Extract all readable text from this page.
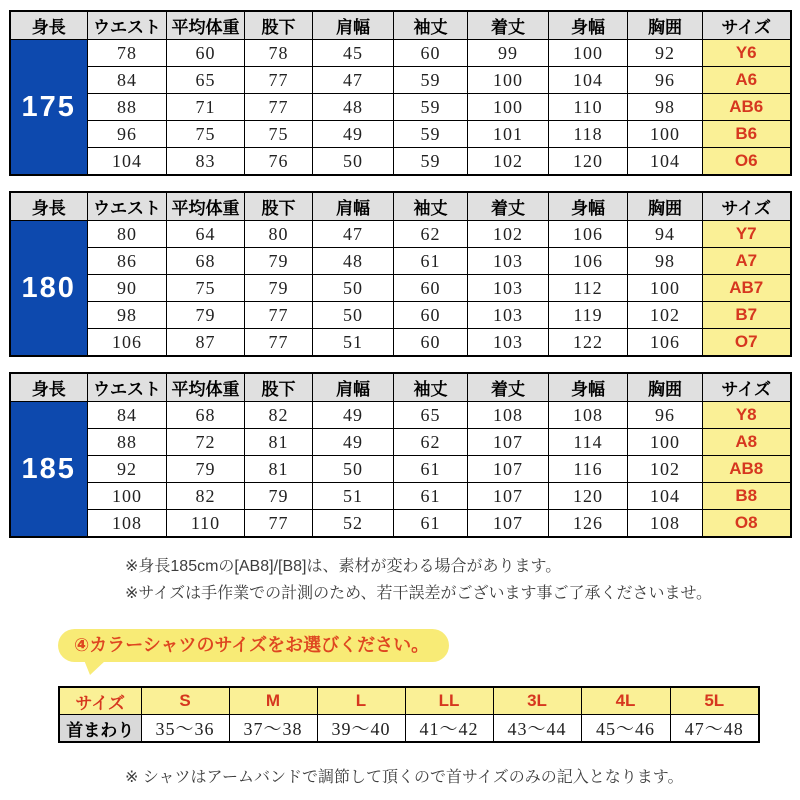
身長	ウエスト	平均体重	股下	肩幅	袖丈	着丈	身幅	胸囲	サイズ
175	78	60	78	45	60	99	100	92	Y6
	84	65	77	47	59	100	104	96	A6
	88	71	77	48	59	100	110	98	AB6
	96	75	75	49	59	101	118	100	B6
	104	83	76	50	59	102	120	104	O6
身長	ウエスト	平均体重	股下	肩幅	袖丈	着丈	身幅	胸囲	サイズ
180	80	64	80	47	62	102	106	94	Y7
	86	68	79	48	61	103	106	98	A7
	90	75	79	50	60	103	112	100	AB7
	98	79	77	50	60	103	119	102	B7
	106	87	77	51	60	103	122	106	O7
身長	ウエスト	平均体重	股下	肩幅	袖丈	着丈	身幅	胸囲	サイズ
185	84	68	82	49	65	108	108	96	Y8
	88	72	81	49	62	107	114	100	A8
	92	79	81	50	61	107	116	102	AB8
	100	82	79	51	61	107	120	104	B8
	108	110	77	52	61	107	126	108	O8

※身長185cmの[AB8]/[B8]は、素材が変わる場合があります。

※サイズは手作業での計測のため、若干誤差がございます事ご了承くださいませ。

④カラーシャツのサイズをお選びください。
サイズ	S	M	L	LL	3L	4L	5L
首まわり	35〜36	37〜38	39〜40	41〜42	43〜44	45〜46	47〜48

※ シャツはアームバンドで調節して頂くので首サイズのみの記入となります。
